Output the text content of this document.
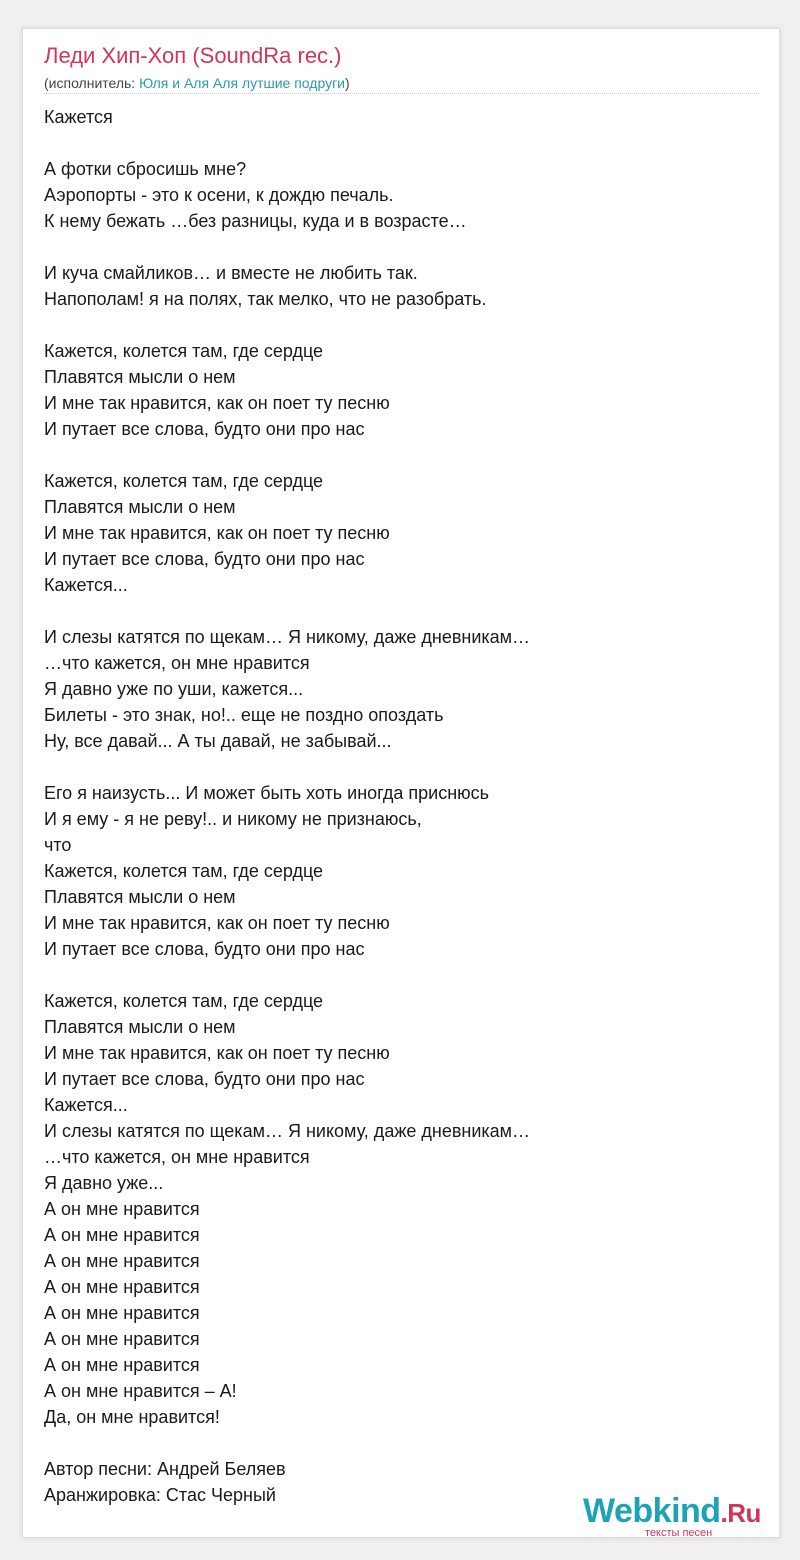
Леди Хип-Хоп (SoundRa rec.)
(исполнитель: Юля и Аля Аля лутшие подруги)
Кажется
А фотки сбросишь мне?
Аэропорты - это к осени, к дождю печаль.
К нему бежать …без разницы, куда и в возрасте…
И куча смайликов… и вместе не любить так.
Напополам! я на полях, так мелко, что не разобрать.
Кажется, колется там, где сердце
Плавятся мысли о нем
И мне так нравится, как он поет ту песню
И путает все слова, будто они про нас
Кажется, колется там, где сердце
Плавятся мысли о нем
И мне так нравится, как он поет ту песню
И путает все слова, будто они про нас
Кажется...
И слезы катятся по щекам… Я никому, даже дневникам…
…что кажется, он мне нравится
Я давно уже по уши, кажется...
Билеты - это знак, но!.. еще не поздно опоздать
Ну, все давай... А ты давай, не забывай...
Его я наизусть... И может быть хоть иногда приснюсь
И я ему - я не реву!.. и никому не признаюсь,
что
Кажется, колется там, где сердце
Плавятся мысли о нем
И мне так нравится, как он поет ту песню
И путает все слова, будто они про нас
Кажется, колется там, где сердце
Плавятся мысли о нем
И мне так нравится, как он поет ту песню
И путает все слова, будто они про нас
Кажется...
И слезы катятся по щекам… Я никому, даже дневникам…
…что кажется, он мне нравится
Я давно уже...
А он мне нравится
А он мне нравится
А он мне нравится
А он мне нравится
А он мне нравится
А он мне нравится
А он мне нравится
А он мне нравится – А!
Да, он мне нравится!
Автор песни: Андрей Беляев
Аранжировка: Стас Черный	Webkind.Ru
тексты песен
